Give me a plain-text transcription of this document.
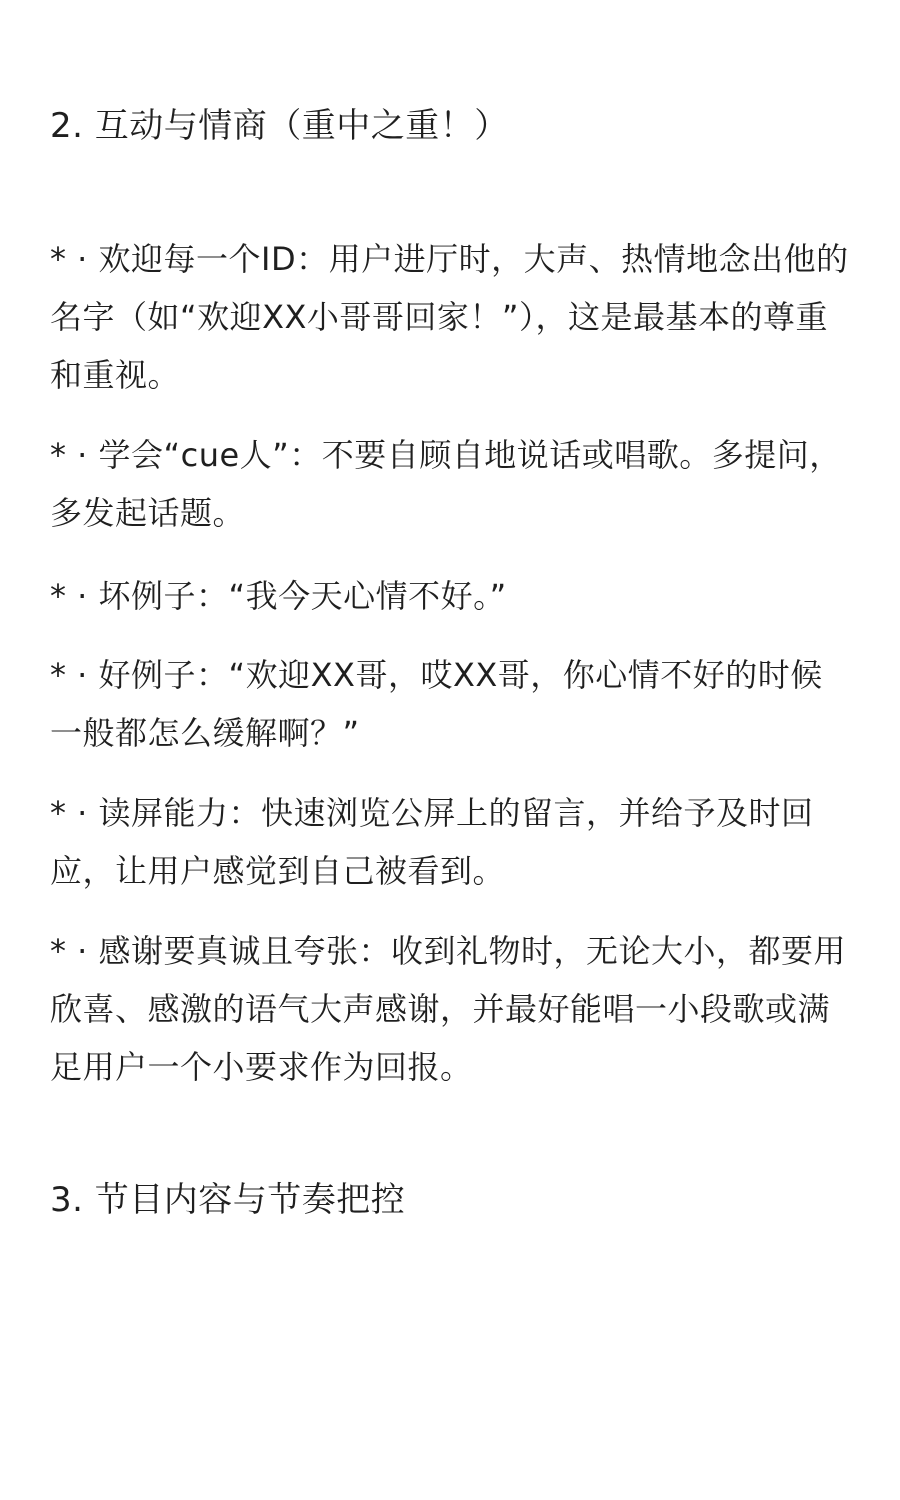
2. 互动与情商（重中之重！）
* · 欢迎每一个ID：用户进厅时，大声、热情地念出他的名字（如“欢迎XX小哥哥回家！”），这是最基本的尊重和重视。
* · 学会“cue人”：不要自顾自地说话或唱歌。多提问，多发起话题。
* · 坏例子：“我今天心情不好。”
* · 好例子：“欢迎XX哥，哎XX哥，你心情不好的时候一般都怎么缓解啊？”
* · 读屏能力：快速浏览公屏上的留言，并给予及时回应，让用户感觉到自己被看到。
* · 感谢要真诚且夸张：收到礼物时，无论大小，都要用欣喜、感激的语气大声感谢，并最好能唱一小段歌或满足用户一个小要求作为回报。
3. 节目内容与节奏把控
